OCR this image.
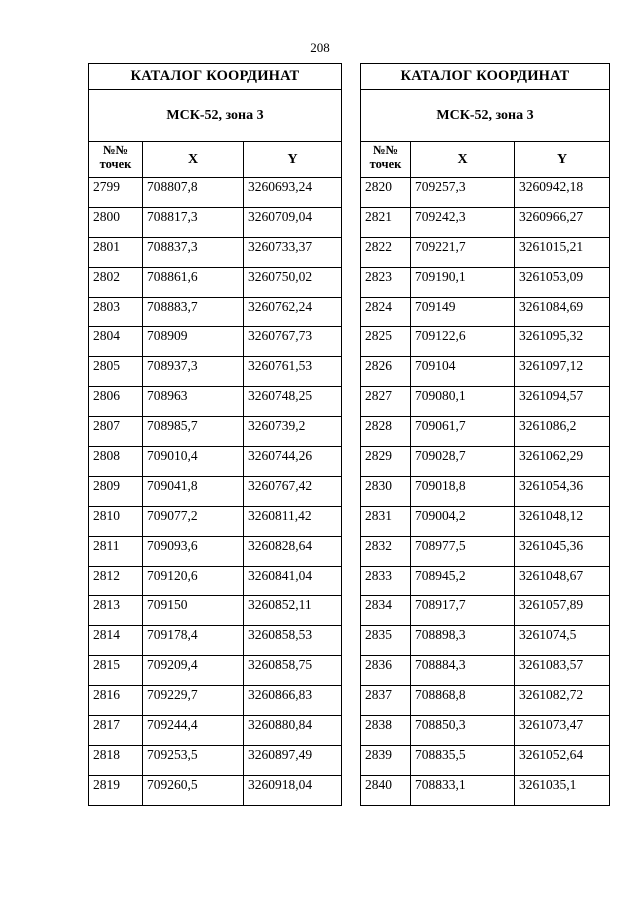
208
КАТАЛОГ КООРДИНАТ		
МСК-52, зона 3		
№№
точек	X	Y
2799	708807,8	3260693,24
2800	708817,3	3260709,04
2801	708837,3	3260733,37
2802	708861,6	3260750,02
2803	708883,7	3260762,24
2804	708909	3260767,73
2805	708937,3	3260761,53
2806	708963	3260748,25
2807	708985,7	3260739,2
2808	709010,4	3260744,26
2809	709041,8	3260767,42
2810	709077,2	3260811,42
2811	709093,6	3260828,64
2812	709120,6	3260841,04
2813	709150	3260852,11
2814	709178,4	3260858,53
2815	709209,4	3260858,75
2816	709229,7	3260866,83
2817	709244,4	3260880,84
2818	709253,5	3260897,49
2819	709260,5	3260918,04
КАТАЛОГ КООРДИНАТ		
МСК-52, зона 3		
№№
точек	X	Y
2820	709257,3	3260942,18
2821	709242,3	3260966,27
2822	709221,7	3261015,21
2823	709190,1	3261053,09
2824	709149	3261084,69
2825	709122,6	3261095,32
2826	709104	3261097,12
2827	709080,1	3261094,57
2828	709061,7	3261086,2
2829	709028,7	3261062,29
2830	709018,8	3261054,36
2831	709004,2	3261048,12
2832	708977,5	3261045,36
2833	708945,2	3261048,67
2834	708917,7	3261057,89
2835	708898,3	3261074,5
2836	708884,3	3261083,57
2837	708868,8	3261082,72
2838	708850,3	3261073,47
2839	708835,5	3261052,64
2840	708833,1	3261035,1
